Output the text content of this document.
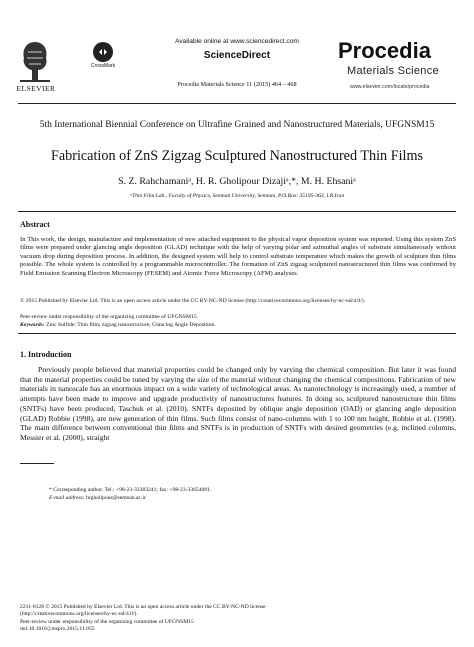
ELSEVIER
CrossMark
Available online at www.sciencedirect.com
ScienceDirect
Procedia Materials Science 11 (2015) 464 – 468
Procedia
Materials Science
www.elsevier.com/locate/procedia
5th International Biennial Conference on Ultrafine Grained and Nanostructured Materials, UFGNSM15
Fabrication of ZnS Zigzag Sculptured Nanostructured Thin Films
S. Z. Rahchamaniᵃ, H. R. Gholipour Dizajiᵃ,*, M. H. Ehsaniᵃ
ᵃThin Film Lab., Faculty of Physics, Semnan University, Semnan, P.O.Box: 35195-363, I.R.Iran
Abstract
In This work, the design, manufacture and implementation of new attached equipment to the physical vapor deposition system was reported. Using this system ZnS films were prepared under glancing angle deposition (GLAD) technique with the help of varying polar and azimuthal angles of substrate simultaneously without vacuum drop during deposition process. In addition, the designed system will help to control substrate temperature which makes the growth of sculpture thin films possible. The whole system is controlled by a programmable microcontroller. The formation of ZnS zigzag sculptured nanostructured thin films was confirmed by Field Emission Scanning Electron Microscopy (FESEM) and Atomic Force Microscopy (AFM) analyses.
© 2015 Published by Elsevier Ltd. This is an open access article under the CC BY-NC-ND license (http://creativecommons.org/licenses/by-nc-nd/4.0/).
Peer-review under responsibility of the organizing committee of UFGNSM15
Keywords: Zinc Sulfide; Thin film; zigzag nanostructure; Glancing Angle Deposition.
1. Introduction
Previously people believed that material properties could be changed only by varying the chemical composition. But later it was found that the material properties could be tuned by varying the size of the material without changing the chemical compositions. Fabrication of new materials in nanoscale has an enormous impact on a wide variety of technological areas. As nanotechnology is increasingly used, a number of attempts have been made to improve and upgrade productivity of nanostructures features. In doing so, sculptured nanostructure thin films (SNTFs) have been produced, Taschuk et al. (2010). SNTFs deposited by oblique angle deposition (OAD) or glancing angle deposition (GLAD) Robbie (1998), are new generation of thin films. Such films consist of nano-columns with 1 to 100 nm height, Robbie et al. (1998). The main difference between conventional thin films and SNTFs is in production of SNTFs with desired geometries (e.g. inclined columns, Messier et al. (2000), straight
* Corresponding author. Tel.: +98-23-33383241; fax: +98-23-33654081.
E-mail address: hrgholipour@semnan.ac.ir
2211-8128 © 2015 Published by Elsevier Ltd. This is an open access article under the CC BY-NC-ND license
(http://creativecommons.org/licenses/by-nc-nd/4.0/).
Peer-review under responsibility of the organizing committee of UFGNSM15
doi:10.1016/j.mspro.2015.11.055
